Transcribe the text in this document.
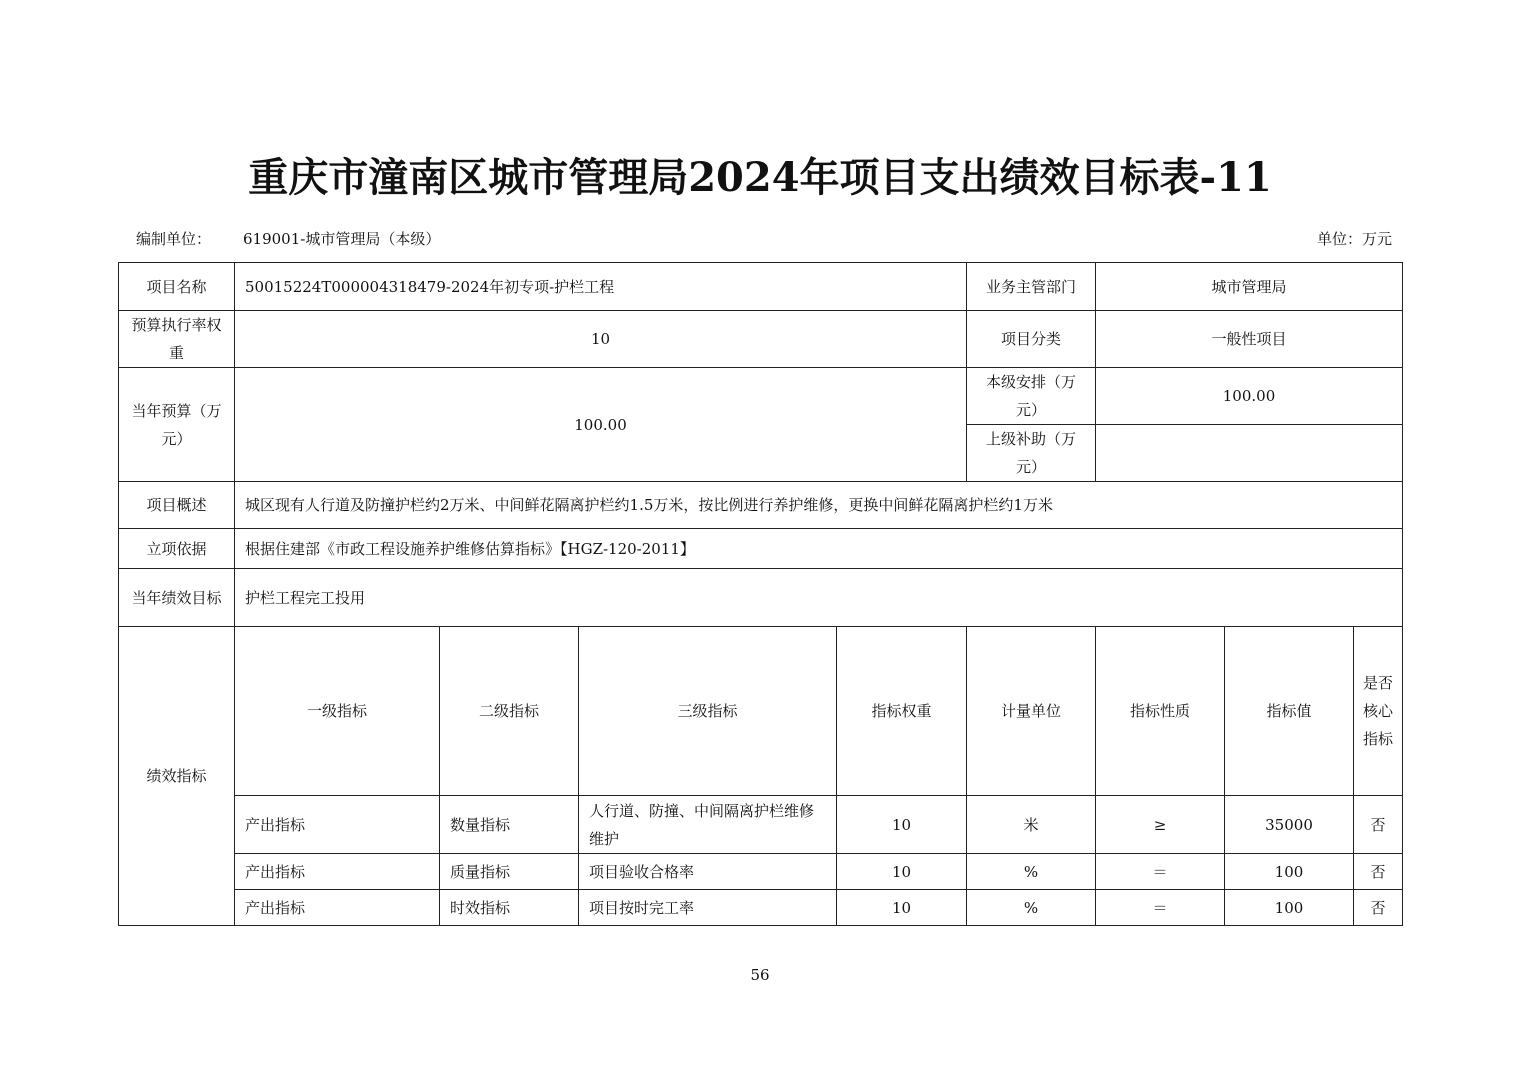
重庆市潼南区城市管理局2024年项目支出绩效目标表-11
编制单位： 619001-城市管理局（本级）	单位：万元
项目名称	50015224T000004318479-2024年初专项-护栏工程				业务主管部门	城市管理局		
预算执行率权重	10				项目分类	一般性项目		
当年预算（万元）	100.00				本级安排（万元）	100.00		
					上级补助（万元）			
项目概述	城区现有人行道及防撞护栏约2万米、中间鲜花隔离护栏约1.5万米，按比例进行养护维修，更换中间鲜花隔离护栏约1万米							
立项依据	根据住建部《市政工程设施养护维修估算指标》【HGZ-120-2011】							
当年绩效目标	护栏工程完工投用							
绩效指标	一级指标	二级指标	三级指标	指标权重	计量单位	指标性质	指标值	是否核心指标
	产出指标	数量指标	人行道、防撞、中间隔离护栏维修维护	10	米	≥	35000	否
	产出指标	质量指标	项目验收合格率	10	%	＝	100	否
	产出指标	时效指标	项目按时完工率	10	%	＝	100	否
56
